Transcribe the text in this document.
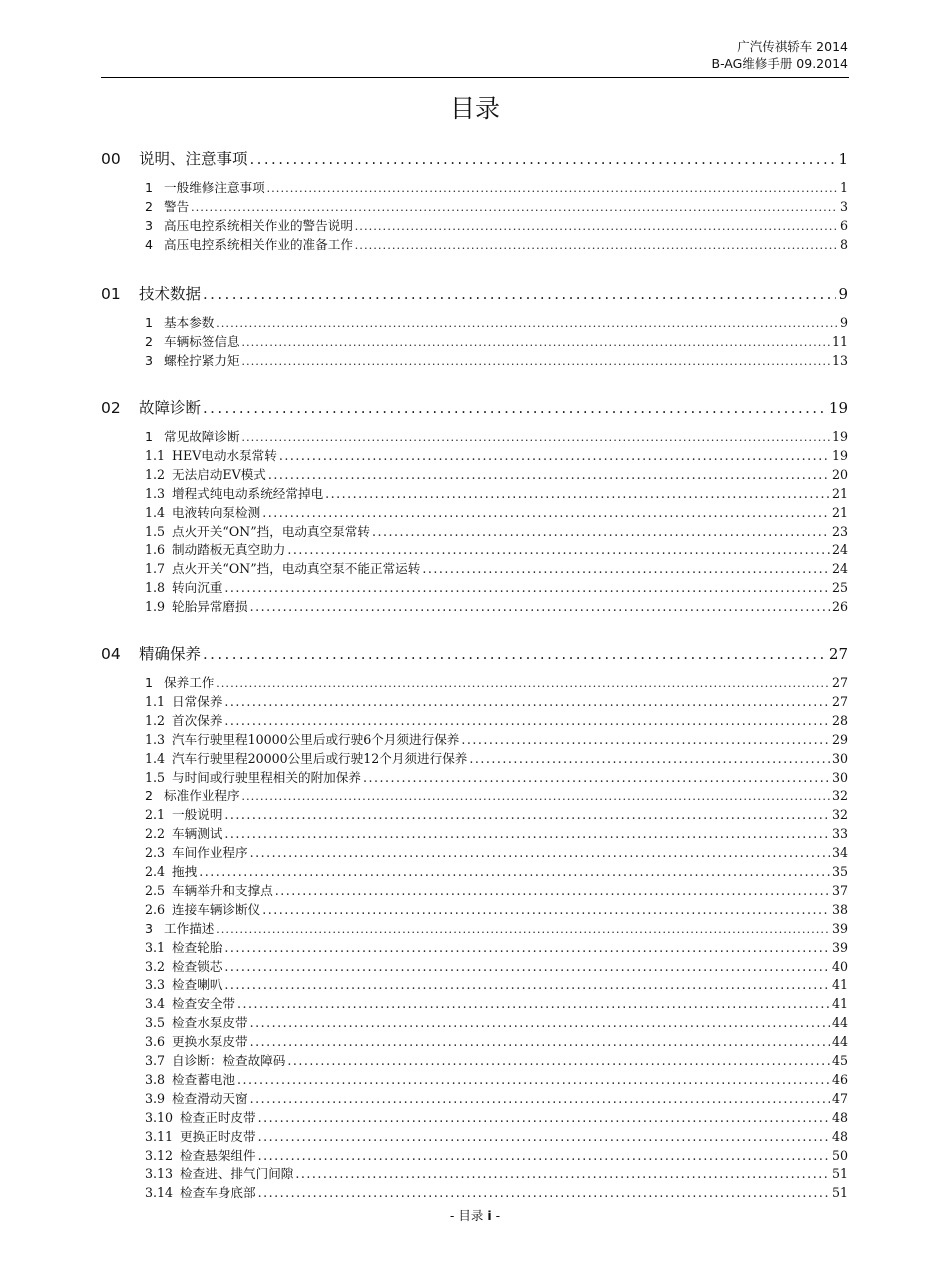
广汽传祺轿车 2014
B-AG维修手册 09.2014
目录
00	说明、注意事项 .....	1
1 一般维修注意事项 .....	1
2 警告 .....	3
3 高压电控系统相关作业的警告说明 .....	6
4 高压电控系统相关作业的准备工作 .....	8
01	技术数据 .....	9
1 基本参数 .....	9
2 车辆标签信息 .....	11
3 螺栓拧紧力矩 .....	13
02	故障诊断 .....	19
1 常见故障诊断 .....	19
1.1 HEV电动水泵常转 .....	19
1.2 无法启动EV模式 .....	20
1.3 增程式纯电动系统经常掉电 .....	21
1.4 电液转向泵检测 .....	21
1.5 点火开关“ON”挡，电动真空泵常转 .....	23
1.6 制动踏板无真空助力 .....	24
1.7 点火开关“ON”挡，电动真空泵不能正常运转 .....	24
1.8 转向沉重 .....	25
1.9 轮胎异常磨损 .....	26
04	精确保养 .....	27
1 保养工作 .....	27
1.1 日常保养 .....	27
1.2 首次保养 .....	28
1.3 汽车行驶里程10000公里后或行驶6个月须进行保养 .....	29
1.4 汽车行驶里程20000公里后或行驶12个月须进行保养 .....	30
1.5 与时间或行驶里程相关的附加保养 .....	30
2 标准作业程序 .....	32
2.1 一般说明 .....	32
2.2 车辆测试 .....	33
2.3 车间作业程序 .....	34
2.4 拖拽 .....	35
2.5 车辆举升和支撑点 .....	37
2.6 连接车辆诊断仪 .....	38
3 工作描述 .....	39
3.1 检查轮胎 .....	39
3.2 检查锁芯 .....	40
3.3 检查喇叭 .....	41
3.4 检查安全带 .....	41
3.5 检查水泵皮带 .....	44
3.6 更换水泵皮带 .....	44
3.7 自诊断：检查故障码 .....	45
3.8 检查蓄电池 .....	46
3.9 检查滑动天窗 .....	47
3.10 检查正时皮带 .....	48
3.11 更换正时皮带 .....	48
3.12 检查悬架组件 .....	50
3.13 检查进、排气门间隙 .....	51
3.14 检查车身底部 .....	51
- 目录 i -
